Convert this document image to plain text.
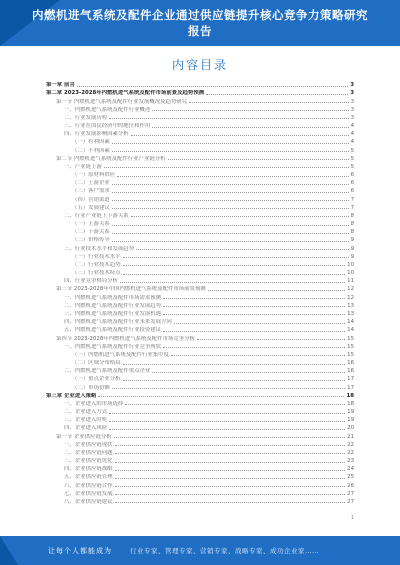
内燃机进气系统及配件企业通过供应链提升核心竞争力策略研究
报告
内容目录
第一章 前言	3
第二章 2023-2028年内燃机进气系统及配件市场前景及趋势预测	3
第一节 内燃机进气系统及配件行业发展概况及趋势研究	3
一、内燃机进气系统及配件行业概述	3
二、行业发展历程	3
三、行业在国民经济中的地位和作用	4
四、行业发展影响因素分析	4
（一）有利因素	4
（二）不利因素	5
第二节 内燃机进气系统及配件行业产业链分析	5
一、产业链上游	5
（一）原材料供应	6
（二）上游企业	6
（三）客户需求	6
（四）营销渠道	7
（五）发展建议	7
二、行业产业链上下游关系	8
（一）上游关系	8
（二）下游关系	8
（三）价格传导	9
三、行业技术水平和发展趋势	9
（一）行业技术水平	9
（二）行业技术趋势	10
（三）行业技术特点	10
四、行业竞争格局分析	11
第三节 2023-2028年中国内燃机进气系统及配件市场前景预测	12
一、内燃机进气系统及配件市场需求预测	12
二、内燃机进气系统及配件行业发展趋势	13
三、内燃机进气系统及配件行业发展机遇	13
四、内燃机进气系统及配件行业未来发展方向	14
五、内燃机进气系统及配件行业投资建议	14
第四节 2023-2028年内燃机进气系统及配件市场竞争分析	15
一、内燃机进气系统及配件行业竞争现状	15
（一）内燃机进气系统及配件行业集中度	15
（二）区域分布格局	16
二、内燃机进气系统及配件重点企业	16
（一）重点企业分析	17
（二）市场份额	17
第三章 企业进入策略	18
一、企业进入的市场选择	18
二、企业进入方式	19
三、企业进入时机	19
四、企业进入风险	20
第一节 企业供应链分析	21
一、企业供应链现状	22
二、企业供应链问题	22
三、企业供应链优化	23
四、企业供应链战略	24
五、企业供应链管理	25
六、企业供应链合作	26
七、企业供应链发展	27
八、企业供应链建议	27
1
让每个人都能成为	行业专家、管理专家、营销专家、战略专家、成功企业家……
